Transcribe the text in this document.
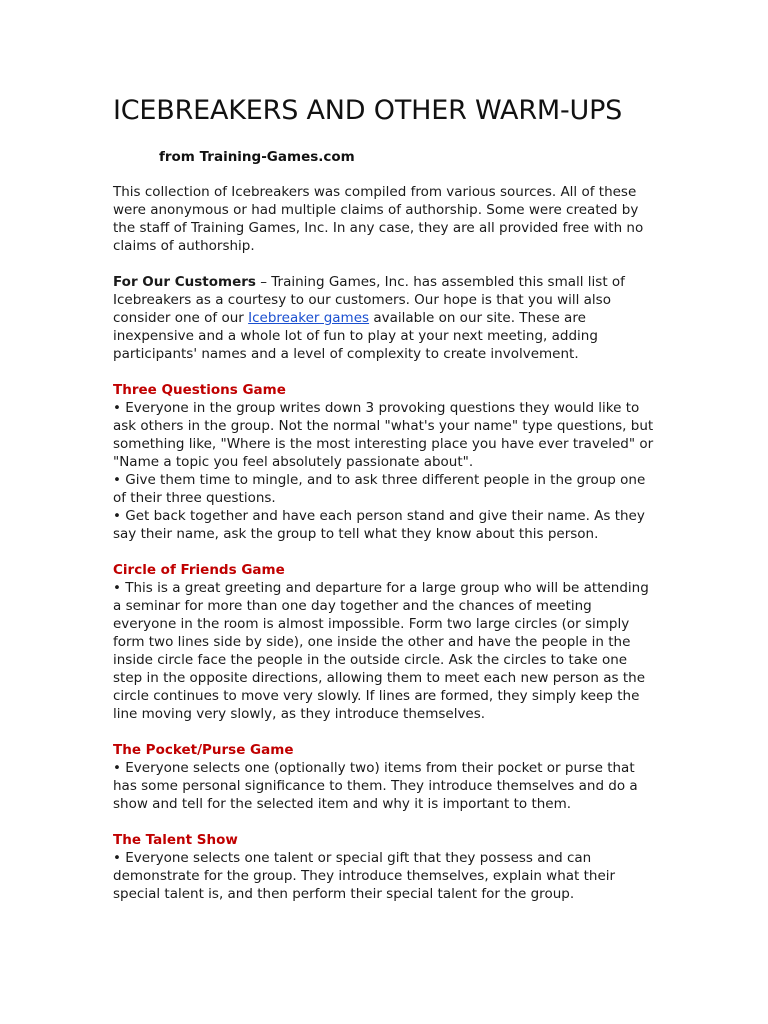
ICEBREAKERS AND OTHER WARM-UPS

from Training-Games.com

This collection of Icebreakers was compiled from various sources. All of these were anonymous or had multiple claims of authorship. Some were created by the staff of Training Games, Inc. In any case, they are all provided free with no claims of authorship.

For Our Customers – Training Games, Inc. has assembled this small list of Icebreakers as a courtesy to our customers. Our hope is that you will also consider one of our Icebreaker games available on our site. These are inexpensive and a whole lot of fun to play at your next meeting, adding participants' names and a level of complexity to create involvement.

Three Questions Game

• Everyone in the group writes down 3 provoking questions they would like to ask others in the group. Not the normal "what's your name" type questions, but something like, "Where is the most interesting place you have ever traveled" or "Name a topic you feel absolutely passionate about".

• Give them time to mingle, and to ask three different people in the group one of their three questions.

• Get back together and have each person stand and give their name. As they say their name, ask the group to tell what they know about this person.

Circle of Friends Game

• This is a great greeting and departure for a large group who will be attending a seminar for more than one day together and the chances of meeting everyone in the room is almost impossible. Form two large circles (or simply form two lines side by side), one inside the other and have the people in the inside circle face the people in the outside circle. Ask the circles to take one step in the opposite directions, allowing them to meet each new person as the circle continues to move very slowly. If lines are formed, they simply keep the line moving very slowly, as they introduce themselves.

The Pocket/Purse Game

• Everyone selects one (optionally two) items from their pocket or purse that has some personal significance to them. They introduce themselves and do a show and tell for the selected item and why it is important to them.

The Talent Show

• Everyone selects one talent or special gift that they possess and can demonstrate for the group. They introduce themselves, explain what their special talent is, and then perform their special talent for the group.
